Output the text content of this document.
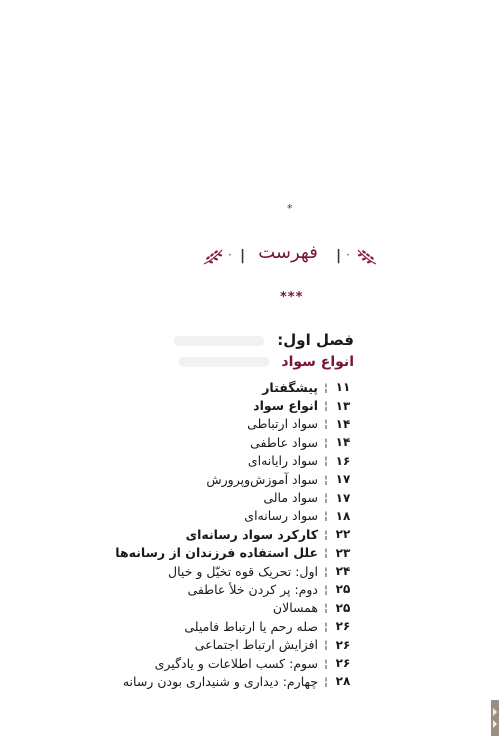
*
· |	| ·
فهرست
***
فصل اول:
انواع سواد
۱۱
¦
پیشگفتار
۱۳
¦
انواع سواد
۱۴
¦
سواد ارتباطی
۱۴
¦
سواد عاطفی
۱۶
¦
سواد رایانه‌ای
۱۷
¦
سواد آموزش‌وپرورش
۱۷
¦
سواد مالی
۱۸
¦
سواد رسانه‌ای
۲۲
¦
کارکرد سواد رسانه‌ای
۲۳
¦
علل استفاده فرزندان از رسانه‌ها
۲۴
¦
اول: تحریک قوه تخیّل و خیال
۲۵
¦
دوم: پر کردن خلأ عاطفی
۲۵
¦
همسالان
۲۶
¦
صله رحم یا ارتباط فامیلی
۲۶
¦
افزایش ارتباط اجتماعی
۲۶
¦
سوم: کسب اطلاعات و یادگیری
۲۸
¦
چهارم: دیداری و شنیداری بودن رسانه
